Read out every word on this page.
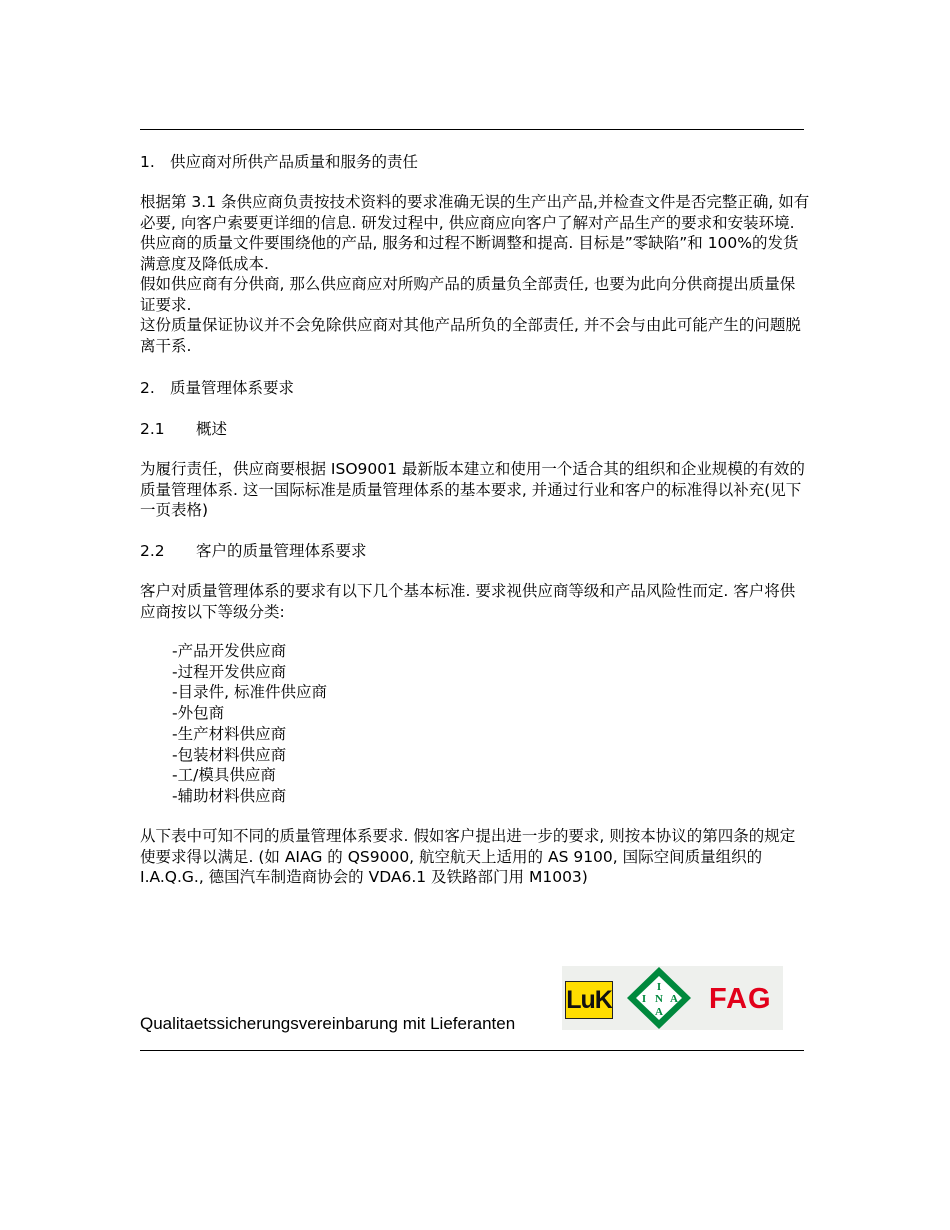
1. 供应商对所供产品质量和服务的责任

根据第 3.1 条供应商负责按技术资料的要求准确无误的生产出产品,并检查文件是否完整正确, 如有必要, 向客户索要更详细的信息. 研发过程中, 供应商应向客户了解对产品生产的要求和安装环境. 供应商的质量文件要围绕他的产品, 服务和过程不断调整和提高. 目标是”零缺陷”和 100%的发货满意度及降低成本.

假如供应商有分供商, 那么供应商应对所购产品的质量负全部责任, 也要为此向分供商提出质量保证要求.

这份质量保证协议并不会免除供应商对其他产品所负的全部责任, 并不会与由此可能产生的问题脱离干系.

2. 质量管理体系要求
2.1 概述

为履行责任，供应商要根据 ISO9001 最新版本建立和使用一个适合其的组织和企业规模的有效的质量管理体系. 这一国际标准是质量管理体系的基本要求, 并通过行业和客户的标准得以补充(见下一页表格)

2.2 客户的质量管理体系要求

客户对质量管理体系的要求有以下几个基本标准. 要求视供应商等级和产品风险性而定. 客户将供应商按以下等级分类:

-产品开发供应商
-过程开发供应商
-目录件, 标准件供应商
-外包商
-生产材料供应商
-包装材料供应商
-工/模具供应商
-辅助材料供应商

从下表中可知不同的质量管理体系要求. 假如客户提出进一步的要求, 则按本协议的第四条的规定使要求得以满足. (如 AIAG 的 QS9000, 航空航天上适用的 AS 9100, 国际空间质量组织的 I.A.Q.G., 德国汽车制造商协会的 VDA6.1 及铁路部门用 M1003)

Qualitaetssicherungsvereinbarung mit Lieferanten
LuK	I
I N A
A FAG
